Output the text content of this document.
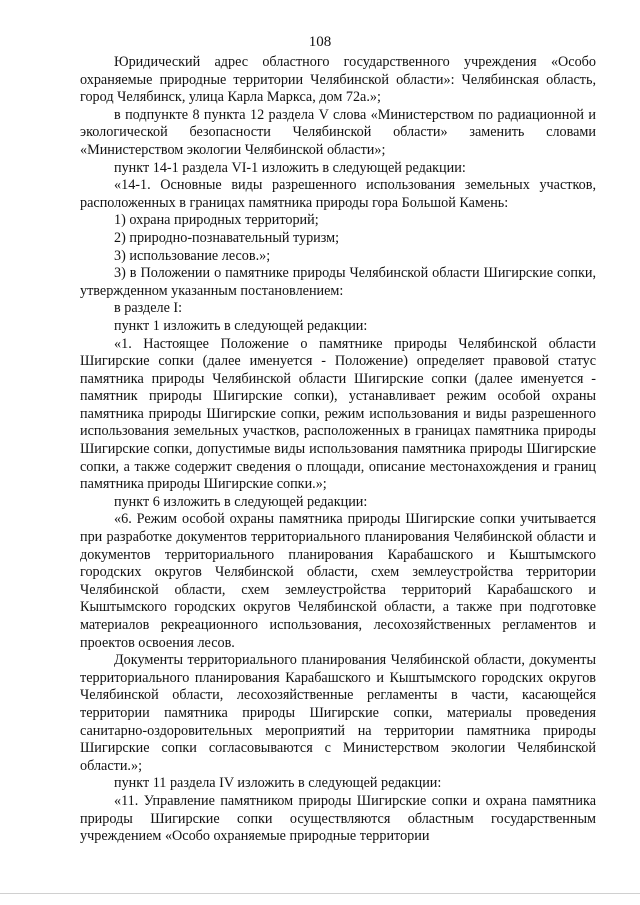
108

Юридический адрес областного государственного учреждения «Особо охраняемые природные территории Челябинской области»: Челябинская область, город Челябинск, улица Карла Маркса, дом 72а.»;

в подпункте 8 пункта 12 раздела V слова «Министерством по радиационной и экологической безопасности Челябинской области» заменить словами «Министерством экологии Челябинской области»;

пункт 14-1 раздела VI-1 изложить в следующей редакции:

«14-1. Основные виды разрешенного использования земельных участков, расположенных в границах памятника природы гора Большой Камень:

1) охрана природных территорий;

2) природно-познавательный туризм;

3) использование лесов.»;

3) в Положении о памятнике природы Челябинской области Шигирские сопки, утвержденном указанным постановлением:

в разделе I:

пункт 1 изложить в следующей редакции:

«1. Настоящее Положение о памятнике природы Челябинской области Шигирские сопки (далее именуется - Положение) определяет правовой статус памятника природы Челябинской области Шигирские сопки (далее именуется - памятник природы Шигирские сопки), устанавливает режим особой охраны памятника природы Шигирские сопки, режим использования и виды разрешенного использования земельных участков, расположенных в границах памятника природы Шигирские сопки, допустимые виды использования памятника природы Шигирские сопки, а также содержит сведения о площади, описание местонахождения и границ памятника природы Шигирские сопки.»;

пункт 6 изложить в следующей редакции:

«6. Режим особой охраны памятника природы Шигирские сопки учитывается при разработке документов территориального планирования Челябинской области и документов территориального планирования Карабашского и Кыштымского городских округов Челябинской области, схем землеустройства территории Челябинской области, схем землеустройства территорий Карабашского и Кыштымского городских округов Челябинской области, а также при подготовке материалов рекреационного использования, лесохозяйственных регламентов и проектов освоения лесов.

Документы территориального планирования Челябинской области, документы территориального планирования Карабашского и Кыштымского городских округов Челябинской области, лесохозяйственные регламенты в части, касающейся территории памятника природы Шигирские сопки, материалы проведения санитарно-оздоровительных мероприятий на территории памятника природы Шигирские сопки согласовываются с Министерством экологии Челябинской области.»;

пункт 11 раздела IV изложить в следующей редакции:

«11. Управление памятником природы Шигирские сопки и охрана памятника природы Шигирские сопки осуществляются областным государственным учреждением «Особо охраняемые природные территории
